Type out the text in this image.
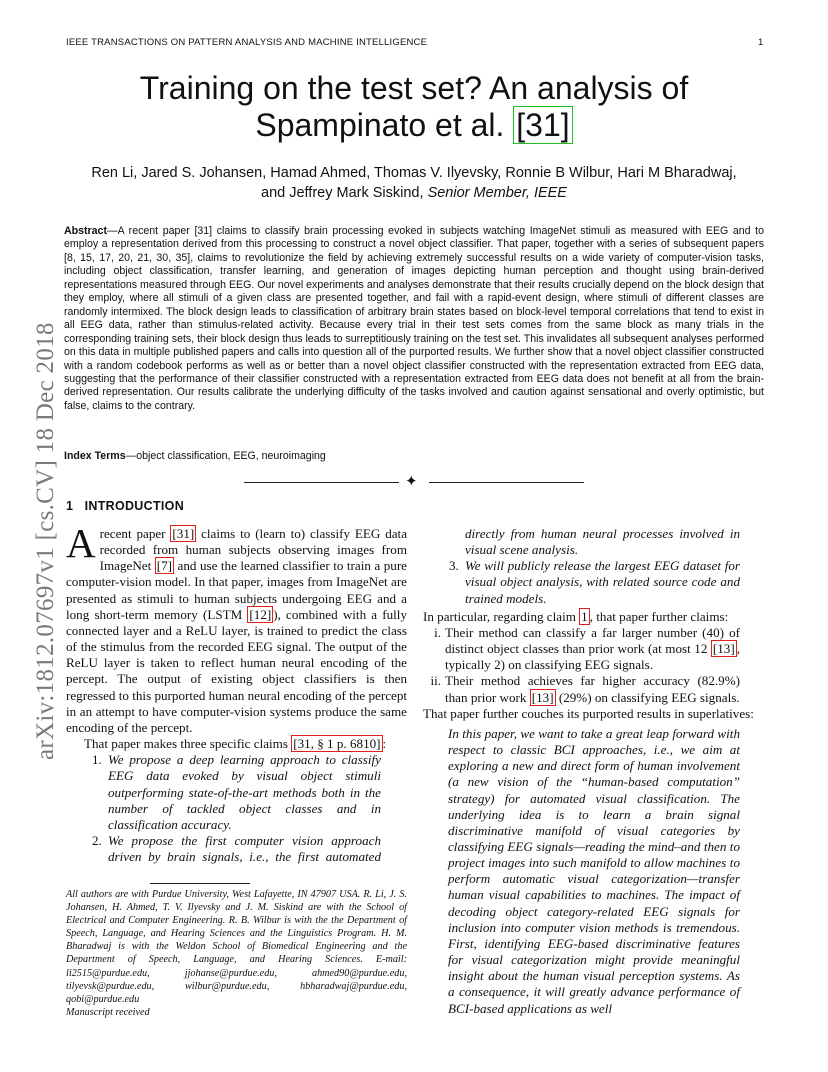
IEEE TRANSACTIONS ON PATTERN ANALYSIS AND MACHINE INTELLIGENCE	1
arXiv:1812.07697v1 [cs.CV] 18 Dec 2018
Training on the test set? An analysis of
Spampinato et al. [31]
Ren Li, Jared S. Johansen, Hamad Ahmed, Thomas V. Ilyevsky, Ronnie B Wilbur, Hari M Bharadwaj,
and Jeffrey Mark Siskind, Senior Member, IEEE
Abstract—A recent paper [31] claims to classify brain processing evoked in subjects watching ImageNet stimuli as measured with EEG and to employ a representation derived from this processing to construct a novel object classifier. That paper, together with a series of subsequent papers [8, 15, 17, 20, 21, 30, 35], claims to revolutionize the field by achieving extremely successful results on a wide variety of computer-vision tasks, including object classification, transfer learning, and generation of images depicting human perception and thought using brain-derived representations measured through EEG. Our novel experiments and analyses demonstrate that their results crucially depend on the block design that they employ, where all stimuli of a given class are presented together, and fail with a rapid-event design, where stimuli of different classes are randomly intermixed. The block design leads to classification of arbitrary brain states based on block-level temporal correlations that tend to exist in all EEG data, rather than stimulus-related activity. Because every trial in their test sets comes from the same block as many trials in the corresponding training sets, their block design thus leads to surreptitiously training on the test set. This invalidates all subsequent analyses performed on this data in multiple published papers and calls into question all of the purported results. We further show that a novel object classifier constructed with a random codebook performs as well as or better than a novel object classifier constructed with the representation extracted from EEG data, suggesting that the performance of their classifier constructed with a representation extracted from EEG data does not benefit at all from the brain-derived representation. Our results calibrate the underlying difficulty of the tasks involved and caution against sensational and overly optimistic, but false, claims to the contrary.
Index Terms—object classification, EEG, neuroimaging
✦
1 INTRODUCTION

A recent paper [31] claims to (learn to) classify EEG data recorded from human subjects observing images from ImageNet [7] and use the learned classifier to train a pure computer-vision model. In that paper, images from ImageNet are presented as stimuli to human subjects undergoing EEG and a long short-term memory (LSTM [12] ), combined with a fully connected layer and a ReLU layer, is trained to predict the class of the stimulus from the recorded EEG signal. The output of the ReLU layer is taken to reflect human neural encoding of the percept. The output of existing object classifiers is then regressed to this purported human neural encoding of the percept in an attempt to have computer-vision systems produce the same encoding of the percept.

That paper makes three specific claims [31, § 1 p. 6810] :

1. We propose a deep learning approach to classify EEG data evoked by visual object stimuli outperforming state-of-the-art methods both in the number of tackled object classes and in classification accuracy.
2. We propose the first computer vision approach driven by brain signals, i.e., the first automated
All authors are with Purdue University, West Lafayette, IN 47907 USA. R. Li, J. S. Johansen, H. Ahmed, T. V. Ilyevsky and J. M. Siskind are with the School of Electrical and Computer Engineering. R. B. Wilbur is with the the Department of Speech, Language, and Hearing Sciences and the Linguistics Program. H. M. Bharadwaj is with the Weldon School of Biomedical Engineering and the Department of Speech, Language, and Hearing Sciences. E-mail: li2515@purdue.edu, jjohanse@purdue.edu, ahmed90@purdue.edu, tilyevsk@purdue.edu, wilbur@purdue.edu, hbharadwaj@purdue.edu, qobi@purdue.edu
Manuscript received
directly from human neural processes involved in visual scene analysis.
3. We will publicly release the largest EEG dataset for visual object analysis, with related source code and trained models.

In particular, regarding claim 1 , that paper further claims:

i. Their method can classify a far larger number (40) of distinct object classes than prior work (at most 12 [13] , typically 2) on classifying EEG signals.
ii. Their method achieves far higher accuracy (82.9%) than prior work [13] (29%) on classifying EEG signals.

That paper further couches its purported results in superlatives:

In this paper, we want to take a great leap forward with respect to classic BCI approaches, i.e., we aim at exploring a new and direct form of human involvement (a new vision of the “human-based computation” strategy) for automated visual classification. The underlying idea is to learn a brain signal discriminative manifold of visual categories by classifying EEG signals—reading the mind–and then to project images into such manifold to allow machines to perform automatic visual categorization—transfer human visual capabilities to machines. The impact of decoding object category-related EEG signals for inclusion into computer vision methods is tremendous. First, identifying EEG-based discriminative features for visual categorization might provide meaningful insight about the human visual perception systems. As a consequence, it will greatly advance performance of BCI-based applications as well
